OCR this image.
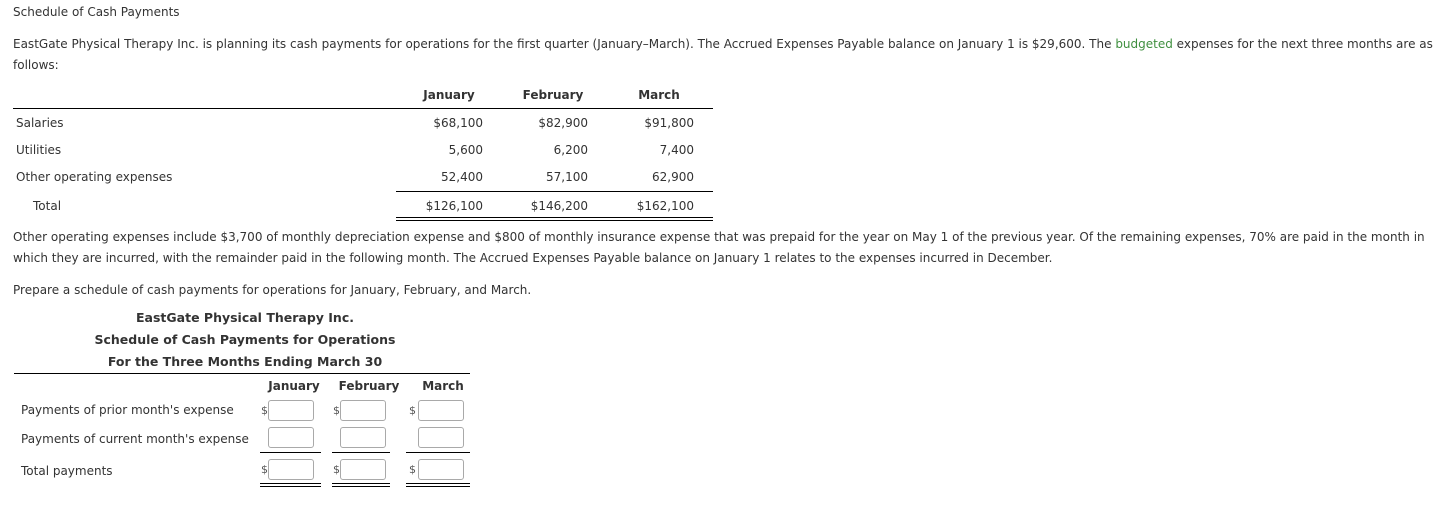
Schedule of Cash Payments
EastGate Physical Therapy Inc. is planning its cash payments for operations for the first quarter (January–March). The Accrued Expenses Payable balance on January 1 is $29,600. The budgeted expenses for the next three months are as follows:
January	February	March
Salaries	$68,100	$82,900	$91,800
Utilities	5,600	6,200	7,400
Other operating expenses	52,400	57,100	62,900
Total	$126,100	$146,200	$162,100
Other operating expenses include $3,700 of monthly depreciation expense and $800 of monthly insurance expense that was prepaid for the year on May 1 of the previous year. Of the remaining expenses, 70% are paid in the month in which they are incurred, with the remainder paid in the following month. The Accrued Expenses Payable balance on January 1 relates to the expenses incurred in December.
Prepare a schedule of cash payments for operations for January, February, and March.
EastGate Physical Therapy Inc.
Schedule of Cash Payments for Operations
For the Three Months Ending March 30
January	February	March
Payments of prior month's expense $	$	$
Payments of current month's expense
Total payments	$	$	$
